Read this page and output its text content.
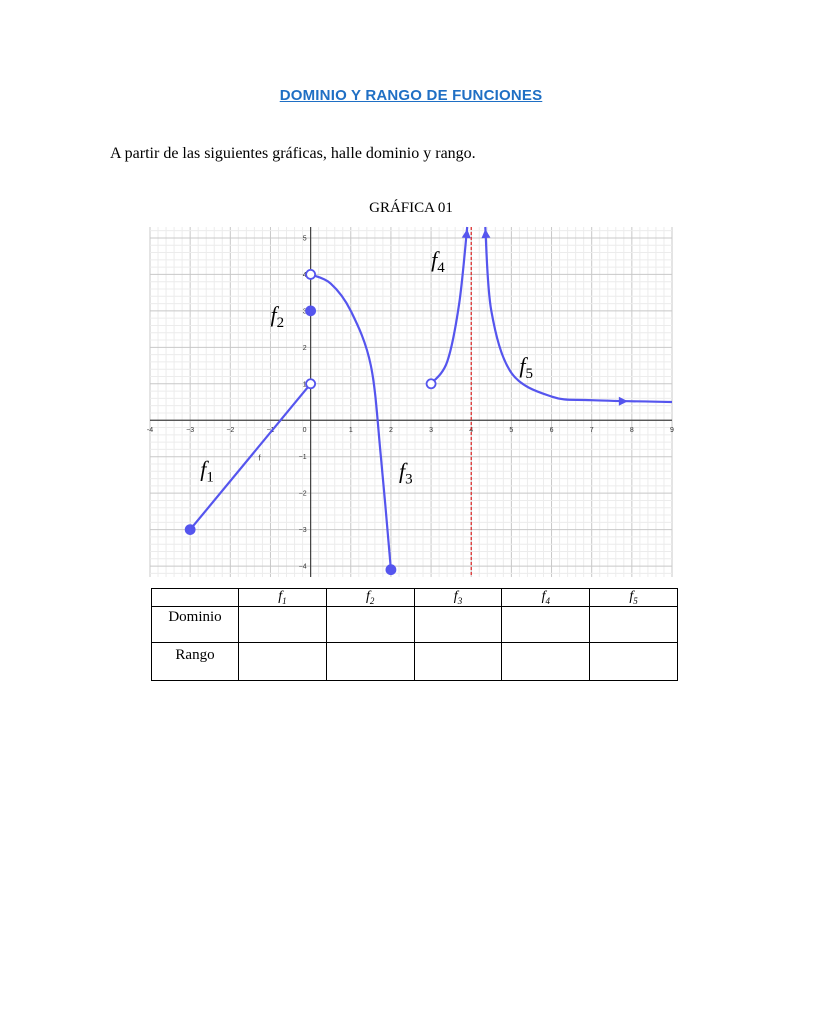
DOMINIO Y RANGO DE FUNCIONES
A partir de las siguientes gráficas, halle dominio y rango.
GRÁFICA 01
-4	−3	−2	−1	0	1	2	3	4	5	6	7	8	9
5
4
3
2
1
−1
−2
−3
−4
$f_1$
$f_2$
$f_3$
$f_4$
$f_5$
f
	$f_1$	$f_2$	$f_3$	$f_4$	$f_5$
Dominio					
Rango					
